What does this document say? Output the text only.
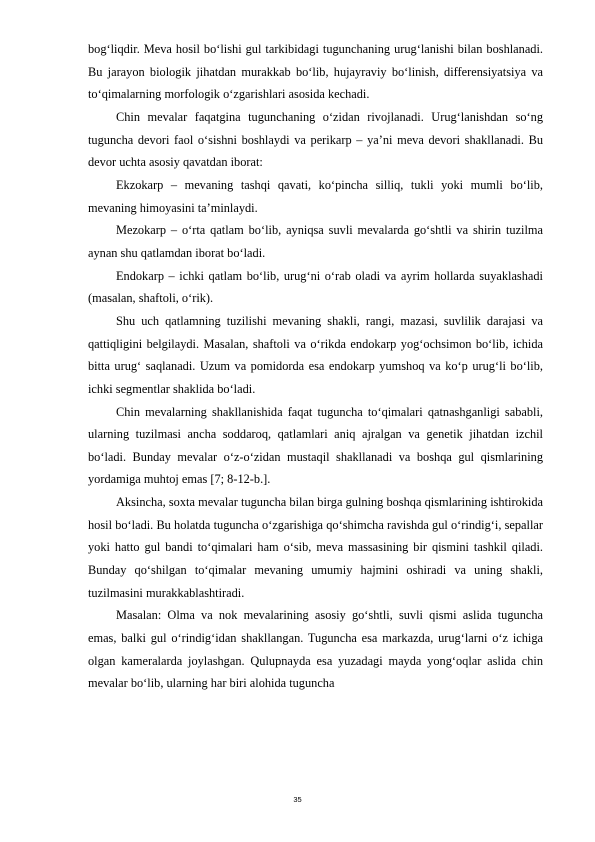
bog‘liqdir. Meva hosil bo‘lishi gul tarkibidagi tugunchaning urug‘lanishi bilan boshlanadi. Bu jarayon biologik jihatdan murakkab bo‘lib, hujayraviy bo‘linish, differensiyatsiya va to‘qimalarning morfologik o‘zgarishlari asosida kechadi.

Chin mevalar faqatgina tugunchaning o‘zidan rivojlanadi. Urug‘lanishdan so‘ng tuguncha devori faol o‘sishni boshlaydi va perikarp – ya’ni meva devori shakllanadi. Bu devor uchta asosiy qavatdan iborat:

Ekzokarp – mevaning tashqi qavati, ko‘pincha silliq, tukli yoki mumli bo‘lib, mevaning himoyasini ta’minlaydi.

Mezokarp – o‘rta qatlam bo‘lib, ayniqsa suvli mevalarda go‘shtli va shirin tuzilma aynan shu qatlamdan iborat bo‘ladi.

Endokarp – ichki qatlam bo‘lib, urug‘ni o‘rab oladi va ayrim hollarda suyaklashadi (masalan, shaftoli, o‘rik).

Shu uch qatlamning tuzilishi mevaning shakli, rangi, mazasi, suvlilik darajasi va qattiqligini belgilaydi. Masalan, shaftoli va o‘rikda endokarp yog‘ochsimon bo‘lib, ichida bitta urug‘ saqlanadi. Uzum va pomidorda esa endokarp yumshoq va ko‘p urug‘li bo‘lib, ichki segmentlar shaklida bo‘ladi.

Chin mevalarning shakllanishida faqat tuguncha to‘qimalari qatnashganligi sababli, ularning tuzilmasi ancha soddaroq, qatlamlari aniq ajralgan va genetik jihatdan izchil bo‘ladi. Bunday mevalar o‘z-o‘zidan mustaqil shakllanadi va boshqa gul qismlarining yordamiga muhtoj emas [7; 8-12-b.].

Aksincha, soxta mevalar tuguncha bilan birga gulning boshqa qismlarining ishtirokida hosil bo‘ladi. Bu holatda tuguncha o‘zgarishiga qo‘shimcha ravishda gul o‘rindig‘i, sepallar yoki hatto gul bandi to‘qimalari ham o‘sib, meva massasining bir qismini tashkil qiladi. Bunday qo‘shilgan to‘qimalar mevaning umumiy hajmini oshiradi va uning shakli, tuzilmasini murakkablashtiradi.

Masalan: Olma va nok mevalarining asosiy go‘shtli, suvli qismi aslida tuguncha emas, balki gul o‘rindig‘idan shakllangan. Tuguncha esa markazda, urug‘larni o‘z ichiga olgan kameralarda joylashgan. Qulupnayda esa yuzadagi mayda yong‘oqlar aslida chin mevalar bo‘lib, ularning har biri alohida tuguncha

35
